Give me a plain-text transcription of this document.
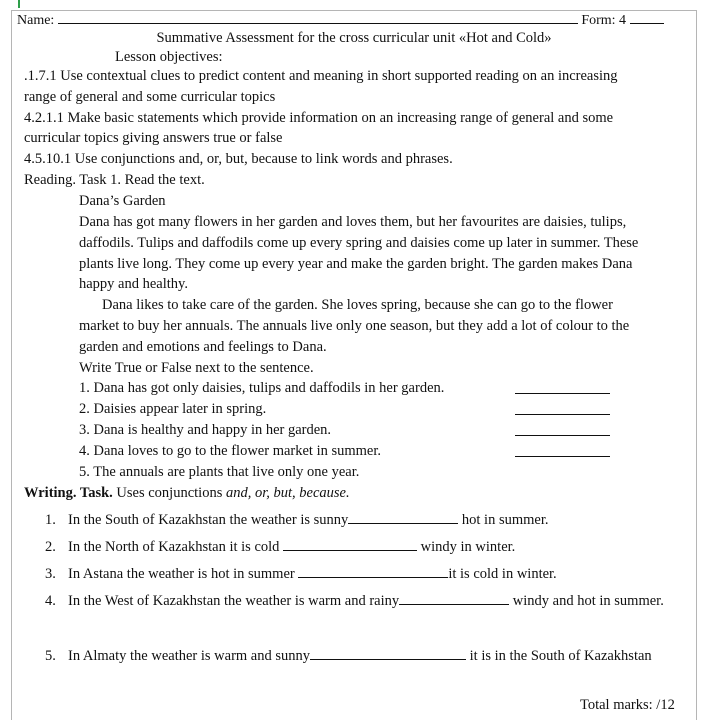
Name:	Form: 4
Summative Assessment for the cross curricular unit «Hot and Cold»
Lesson objectives:
.1.7.1 Use contextual clues to predict content and meaning in short supported reading on an increasing
range of general and some curricular topics
4.2.1.1 Make basic statements which provide information on an increasing range of general and some
curricular topics giving answers true or false
4.5.10.1 Use conjunctions and, or, but, because to link words and phrases.
Reading. Task 1. Read the text.
Dana’s Garden
Dana has got many flowers in her garden and loves them, but her favourites are daisies, tulips,
daffodils. Tulips and daffodils come up every spring and daisies come up later in summer. These
plants live long. They come up every year and make the garden bright. The garden makes Dana
happy and healthy.
Dana likes to take care of the garden. She loves spring, because she can go to the flower
market to buy her annuals. The annuals live only one season, but they add a lot of colour to the
garden and emotions and feelings to Dana.
Write True or False next to the sentence.
1. Dana has got only daisies, tulips and daffodils in her garden.
2. Daisies appear later in spring.
3. Dana is healthy and happy in her garden.
4. Dana loves to go to the flower market in summer.
5. The annuals are plants that live only one year.
Writing. Task. Uses conjunctions and, or, but, because.
1. In the South of Kazakhstan the weather is sunny	hot in summer.
2. In the North of Kazakhstan it is cold	windy in winter.
3. In Astana the weather is hot in summer	it is cold in winter.
4. In the West of Kazakhstan the weather is warm and rainy	windy and hot in summer.
5. In Almaty the weather is warm and sunny	it is in the South of Kazakhstan
Total marks: /12
